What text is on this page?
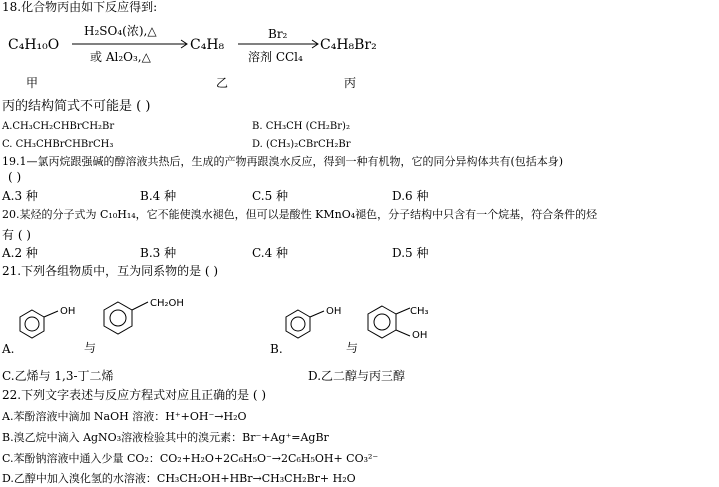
18.化合物丙由如下反应得到:
C₄H₁₀O
H₂SO₄(浓),△
或 Al₂O₃,△
C₄H₈
Br₂
溶剂 CCl₄
C₄H₈Br₂
甲	乙	丙
丙的结构简式不可能是 ( )
A.CH₃CH₂CHBrCH₂Br	B. CH₃CH (CH₂Br)₂
C. CH₃CHBrCHBrCH₃	D. (CH₃)₂CBrCH₂Br
19.1—氯丙烷跟强碱的醇溶液共热后，生成的产物再跟溴水反应，得到一种有机物，它的同分异构体共有(包括本身)
( )
A.3 种	B.4 种	C.5 种	D.6 种
20.某烃的分子式为 C₁₀H₁₄，它不能使溴水褪色，但可以是酸性 KMnO₄褪色，分子结构中只含有一个烷基，符合条件的烃
有 ( )
A.2 种	B.3 种	C.4 种	D.5 种
21.下列各组物质中，互为同系物的是 ( )
OH
CH₂OH
A.	与
OH	CH₃
OH
B.	与
C.乙烯与 1,3-丁二烯	D.乙二醇与丙三醇
22.下列文字表述与反应方程式对应且正确的是 ( )
A.苯酚溶液中滴加 NaOH 溶液：H⁺+OH⁻→H₂O
B.溴乙烷中滴入 AgNO₃溶液检验其中的溴元素：Br⁻+Ag⁺=AgBr
C.苯酚钠溶液中通入少量 CO₂：CO₂+H₂O+2C₆H₅O⁻→2C₆H₅OH+ CO₃²⁻
D.乙醇中加入溴化氢的水溶液：CH₃CH₂OH+HBr→CH₃CH₂Br+ H₂O
